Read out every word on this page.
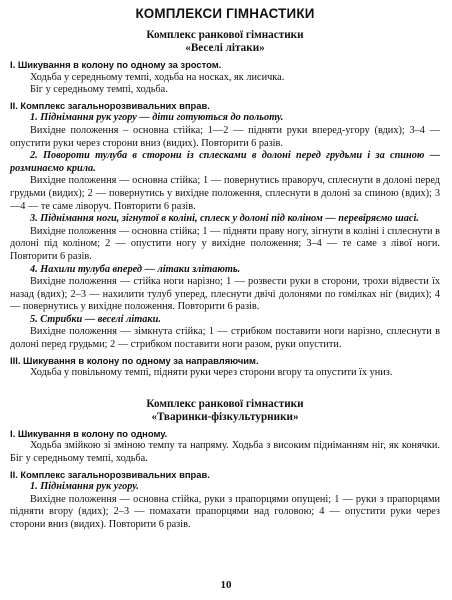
КОМПЛЕКСИ ГІМНАСТИКИ
Комплекс ранкової гімнастики
«Веселі літаки»
І. Шикування в колону по одному за зростом.

Ходьба у середньому темпі, ходьба на носках, як лисичка.

Біг у середньому темпі, ходьба.

ІІ. Комплекс загальнорозвивальних вправ.

1. Піднімання рук угору — діти готуються до польоту.

Вихідне положення – основна стійка; 1—2 — підняти руки вперед-угору (вдих); 3–4 — опустити руки через сторони вниз (видих). Повторити 6 разів.

2. Повороти тулуба в сторони із сплесками в долоні перед грудьми і за спиною — розминаємо крила.

Вихідне положення — основна стійка; 1 — повернутись праворуч, сплеснути в долоні перед грудьми (видих); 2 — повернутись у вихідне положення, сплеснути в долоні за спиною (вдих); 3—4 — те саме ліворуч. Повторити 6 разів.

3. Піднімання ноги, зігнутої в коліні, сплеск у долоні під коліном — перевіряємо шасі.

Вихідне положення — основна стійка; 1 — підняти праву ногу, зігнути в коліні і сплеснути в долоні під коліном; 2 — опустити ногу у вихідне положення; 3–4 — те саме з лівої ноги. Повторити 6 разів.

4. Нахили тулуба вперед — літаки злітають.

Вихідне положення — стійка ноги нарізно; 1 — розвести руки в сторони, трохи відвести їх назад (вдих); 2–3 — нахилити тулуб уперед, плеснути двічі долонями по гомілках ніг (видих); 4 — повернутись у вихідне положення. Повторити 6 разів.

5. Стрибки — веселі літаки.

Вихідне положення — зімкнута стійка; 1 — стрибком поставити ноги нарізно, сплеснути в долоні перед грудьми; 2 — стрибком поставити ноги разом, руки опустити.

ІІІ. Шикування в колону по одному за направляючим.

Ходьба у повільному темпі, підняти руки через сторони вгору та опустити їх униз.

Комплекс ранкової гімнастики
«Тваринки-фізкультурники»
І. Шикування в колону по одному.

Ходьба змійкою зі зміною темпу та напряму. Ходьба з високим підніманням ніг, як конячки. Біг у середньому темпі, ходьба.

ІІ. Комплекс загальнорозвивальних вправ.

1. Піднімання рук угору.

Вихідне положення — основна стійка, руки з прапорцями опущені; 1 — руки з прапорцями підняти вгору (вдих); 2–3 — помахати прапорцями над головою; 4 — опустити руки через сторони вниз (видих). Повторити 6 разів.

10
